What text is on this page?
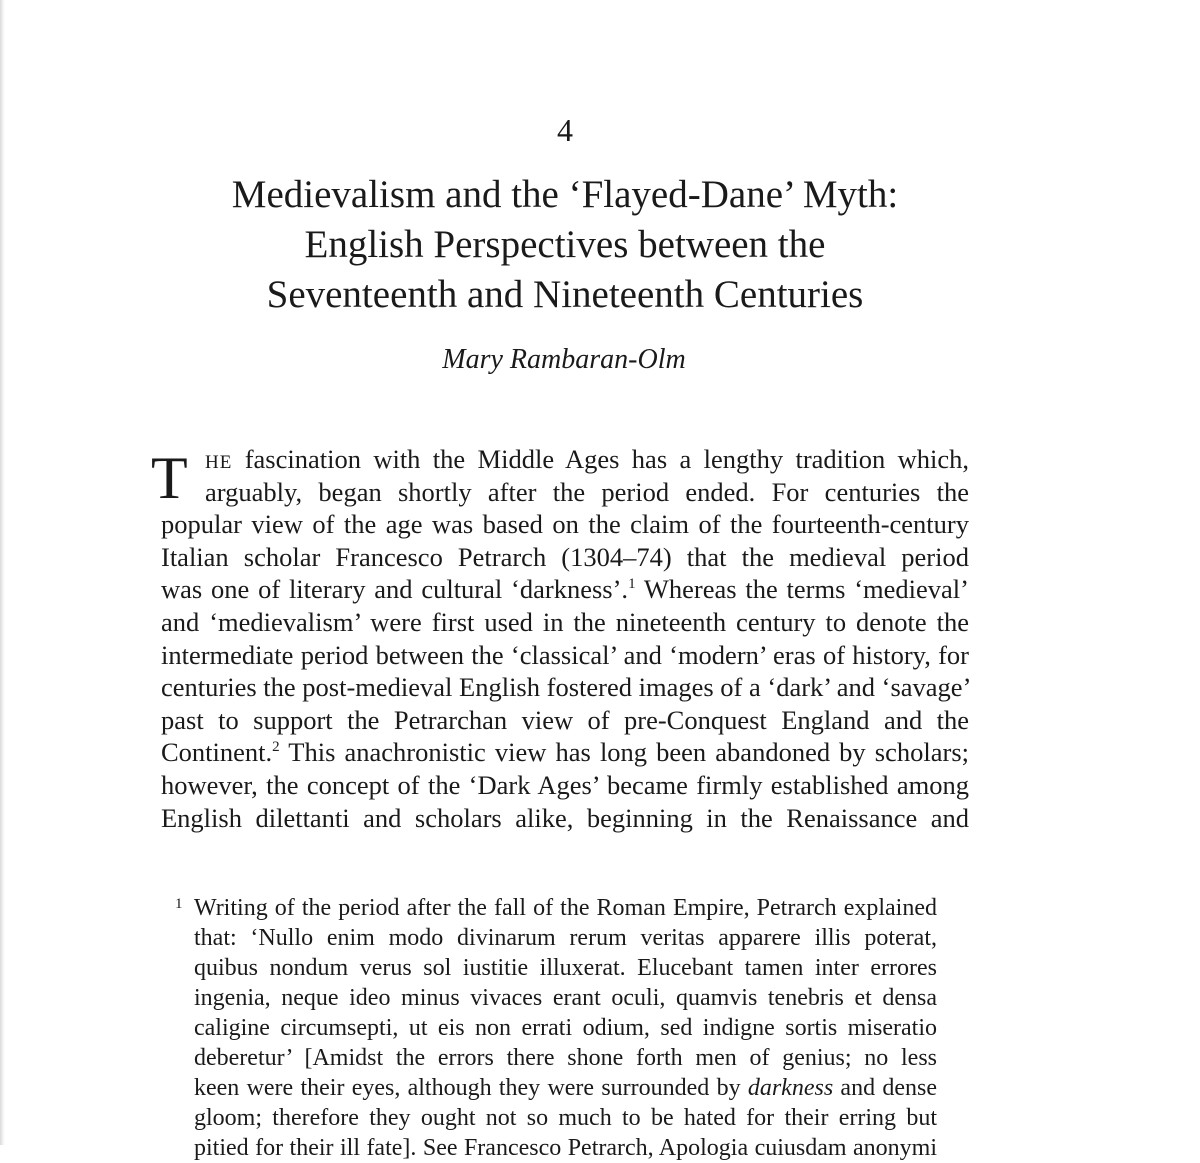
4
Medievalism and the ‘Flayed-Dane’ Myth:
English Perspectives between the
Seventeenth and Nineteenth Centuries
Mary Rambaran-Olm
T he fascination with the Middle Ages has a lengthy tradition which,
arguably, began shortly after the period ended. For centuries the
popular view of the age was based on the claim of the fourteenth-century
Italian scholar Francesco Petrarch (1304–74) that the medieval period
was one of literary and cultural ‘darkness’.$^1$ Whereas the terms ‘medieval’
and ‘medievalism’ were first used in the nineteenth century to denote the
intermediate period between the ‘classical’ and ‘modern’ eras of history, for
centuries the post-medieval English fostered images of a ‘dark’ and ‘savage’
past to support the Petrarchan view of pre-Conquest England and the
Continent.$^2$ This anachronistic view has long been abandoned by scholars;
however, the concept of the ‘Dark Ages’ became firmly established among
English dilettanti and scholars alike, beginning in the Renaissance and
1 Writing of the period after the fall of the Roman Empire, Petrarch explained
that: ‘Nullo enim modo divinarum rerum veritas apparere illis poterat,
quibus nondum verus sol iustitie illuxerat. Elucebant tamen inter errores
ingenia, neque ideo minus vivaces erant oculi, quamvis tenebris et densa
caligine circumsepti, ut eis non errati odium, sed indigne sortis miseratio
deberetur’ [Amidst the errors there shone forth men of genius; no less
keen were their eyes, although they were surrounded by darkness and dense
gloom; therefore they ought not so much to be hated for their erring but
pitied for their ill fate]. See Francesco Petrarch, Apologia cuiusdam anonymi
